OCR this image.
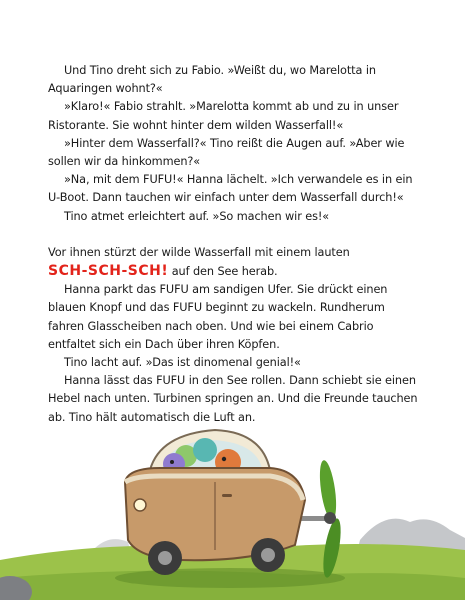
Und Tino dreht sich zu Fabio. »Weißt du, wo Marelotta in Aquaringen wohnt?«

»Klaro!« Fabio strahlt. »Marelotta kommt ab und zu in unser Ristorante. Sie wohnt hinter dem wilden Wasserfall!«

»Hinter dem Wasserfall?« Tino reißt die Augen auf. »Aber wie sollen wir da hinkommen?«

»Na, mit dem FUFU!« Hanna lächelt. »Ich verwandele es in ein U-Boot. Dann tauchen wir einfach unter dem Wasserfall durch!«

Tino atmet erleichtert auf. »So machen wir es!«

Vor ihnen stürzt der wilde Wasserfall mit einem lauten
SCH-SCH-SCH! auf den See herab.

Hanna parkt das FUFU am sandigen Ufer. Sie drückt einen blauen Knopf und das FUFU beginnt zu wackeln. Rundherum fahren Glasscheiben nach oben. Und wie bei einem Cabrio entfaltet sich ein Dach über ihren Köpfen.

Tino lacht auf. »Das ist dinomenal genial!«

Hanna lässt das FUFU in den See rollen. Dann schiebt sie einen Hebel nach unten. Turbinen springen an. Und die Freunde tauchen ab. Tino hält automatisch die Luft an.
